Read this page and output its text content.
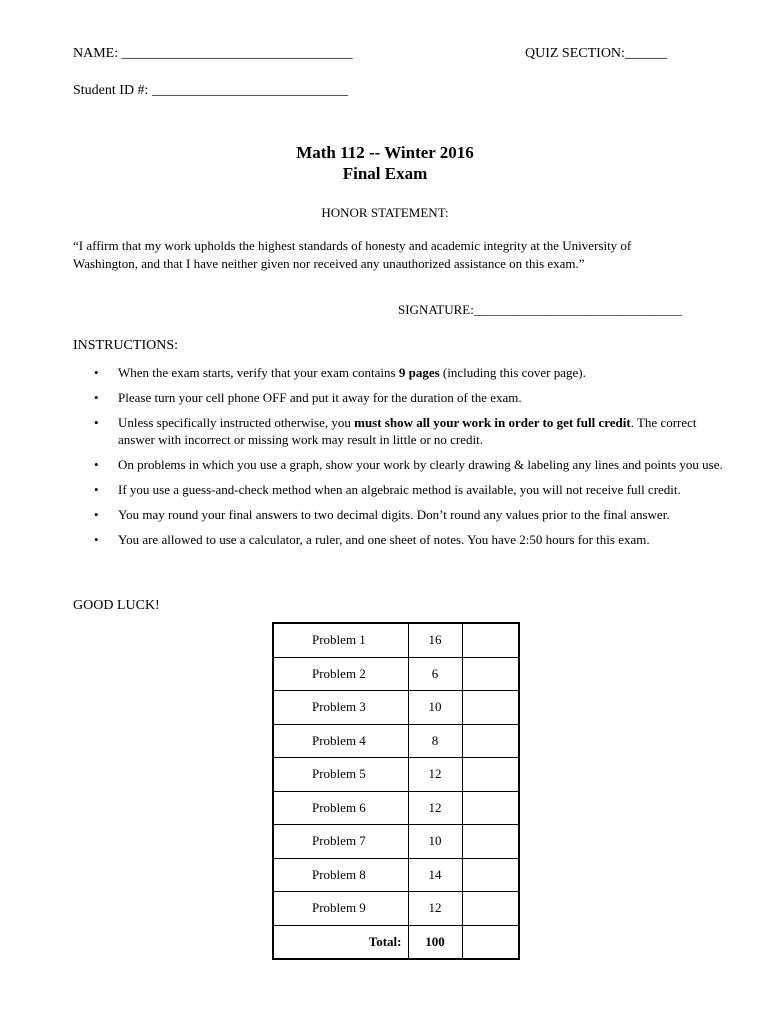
NAME: _________________________________	QUIZ SECTION:______
Student ID #: ____________________________
Math 112 -- Winter 2016
Final Exam
HONOR STATEMENT:
“I affirm that my work upholds the highest standards of honesty and academic integrity at the University of Washington, and that I have neither given nor received any unauthorized assistance on this exam.”
SIGNATURE:________________________________
INSTRUCTIONS:
• When the exam starts, verify that your exam contains 9 pages (including this cover page).
• Please turn your cell phone OFF and put it away for the duration of the exam.
• Unless specifically instructed otherwise, you must show all your work in order to get full credit. The correct answer with incorrect or missing work may result in little or no credit.
• On problems in which you use a graph, show your work by clearly drawing & labeling any lines and points you use.
• If you use a guess-and-check method when an algebraic method is available, you will not receive full credit.
• You may round your final answers to two decimal digits. Don’t round any values prior to the final answer.
• You are allowed to use a calculator, a ruler, and one sheet of notes. You have 2:50 hours for this exam.
GOOD LUCK!
Problem 1	16	
Problem 2	6	
Problem 3	10	
Problem 4	8	
Problem 5	12	
Problem 6	12	
Problem 7	10	
Problem 8	14	
Problem 9	12	
Total:	100	
